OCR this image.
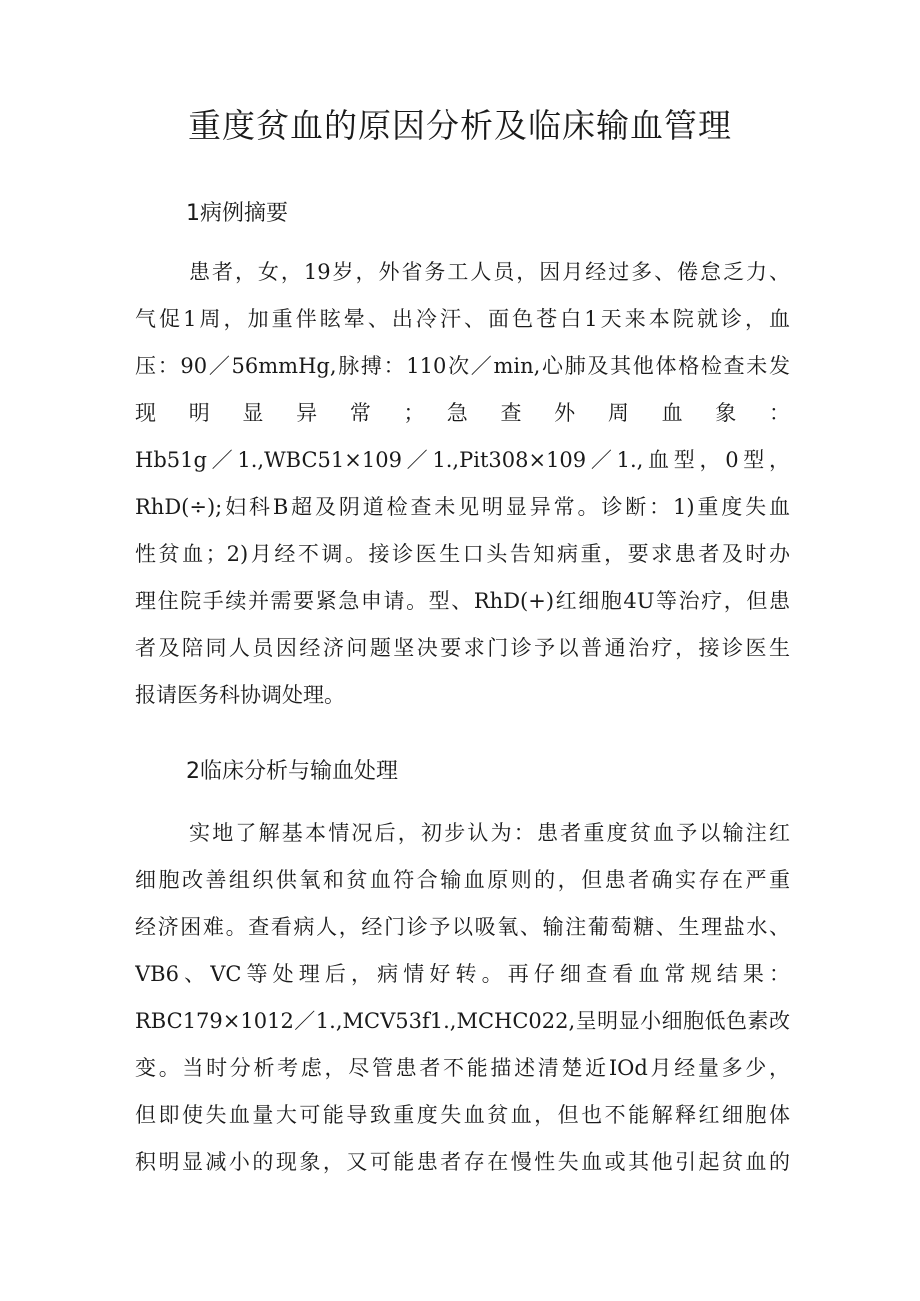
重度贫血的原因分析及临床输血管理
1病例摘要
患者，女，19岁，外省务工人员，因月经过多、倦怠乏力、
气促1周，加重伴眩晕、出冷汗、面色苍白1天来本院就诊，血
压：90／56mmHg,脉搏：110次／min,心肺及其他体格检查未发
现　明　显　异　常　；　急　查　外　周　血　象　：
Hb51g／1.,WBC51×109／1.,Pit308×109／1.,血型，0型，
RhD(÷);妇科B超及阴道检查未见明显异常。诊断：1)重度失血
性贫血；2)月经不调。接诊医生口头告知病重，要求患者及时办
理住院手续并需要紧急申请。型、RhD(+)红细胞4U等治疗，但患
者及陪同人员因经济问题坚决要求门诊予以普通治疗，接诊医生
报请医务科协调处理。
2临床分析与输血处理
实地了解基本情况后，初步认为：患者重度贫血予以输注红
细胞改善组织供氧和贫血符合输血原则的，但患者确实存在严重
经济困难。查看病人，经门诊予以吸氧、输注葡萄糖、生理盐水、
VB6、VC等处理后，病情好转。再仔细查看血常规结果：
RBC179×1012／1.,MCV53f1.,MCHC022,呈明显小细胞低色素改
变。当时分析考虑，尽管患者不能描述清楚近IOd月经量多少，
但即使失血量大可能导致重度失血贫血，但也不能解释红细胞体
积明显减小的现象，又可能患者存在慢性失血或其他引起贫血的
